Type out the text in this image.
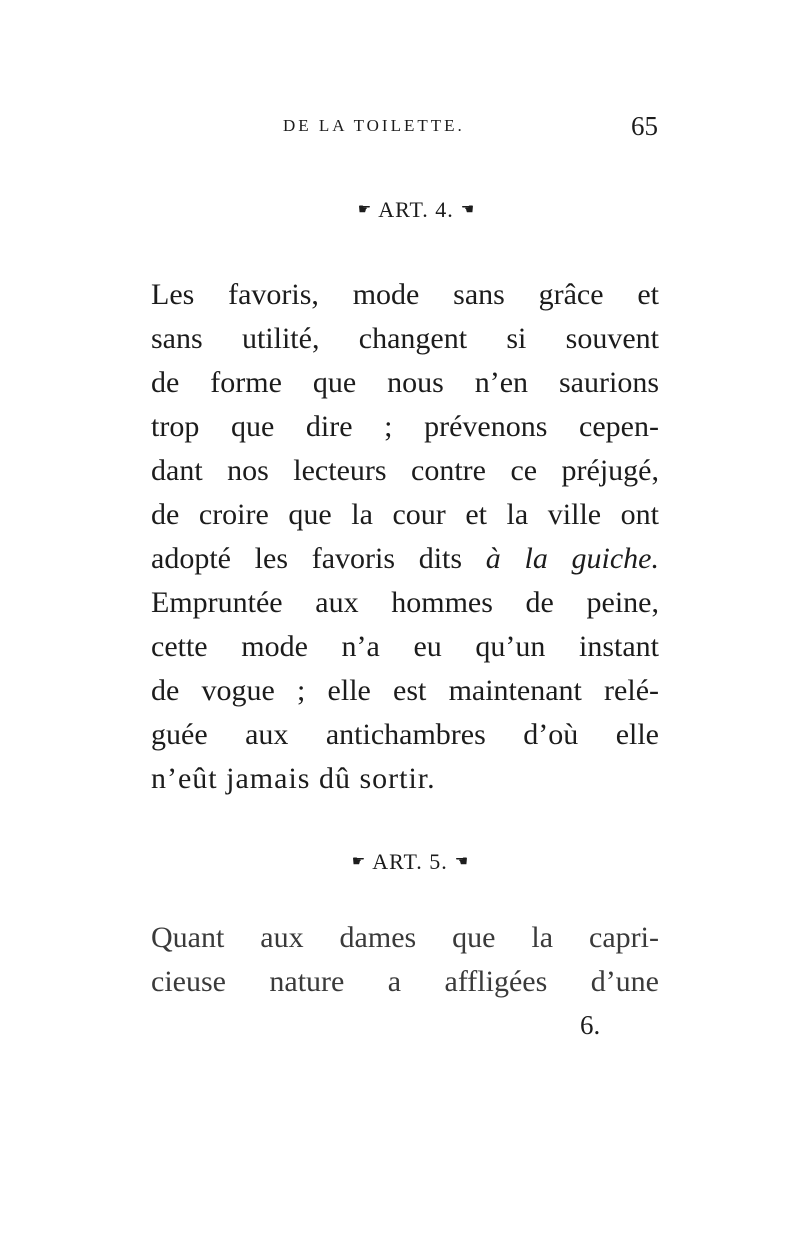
DE LA TOILETTE.	65
☛ ART. 4. ☚
Les favoris, mode sans grâce et
sans utilité, changent si souvent
de forme que nous n’en saurions
trop que dire ; prévenons cepen-
dant nos lecteurs contre ce préjugé,
de croire que la cour et la ville ont
adopté les favoris dits à la guiche.
Empruntée aux hommes de peine,
cette mode n’a eu qu’un instant
de vogue ; elle est maintenant relé-
guée aux antichambres d’où elle
n’eût jamais dû sortir.
☛ ART. 5. ☚
Quant aux dames que la capri-
cieuse nature a affligées d’une
6.
